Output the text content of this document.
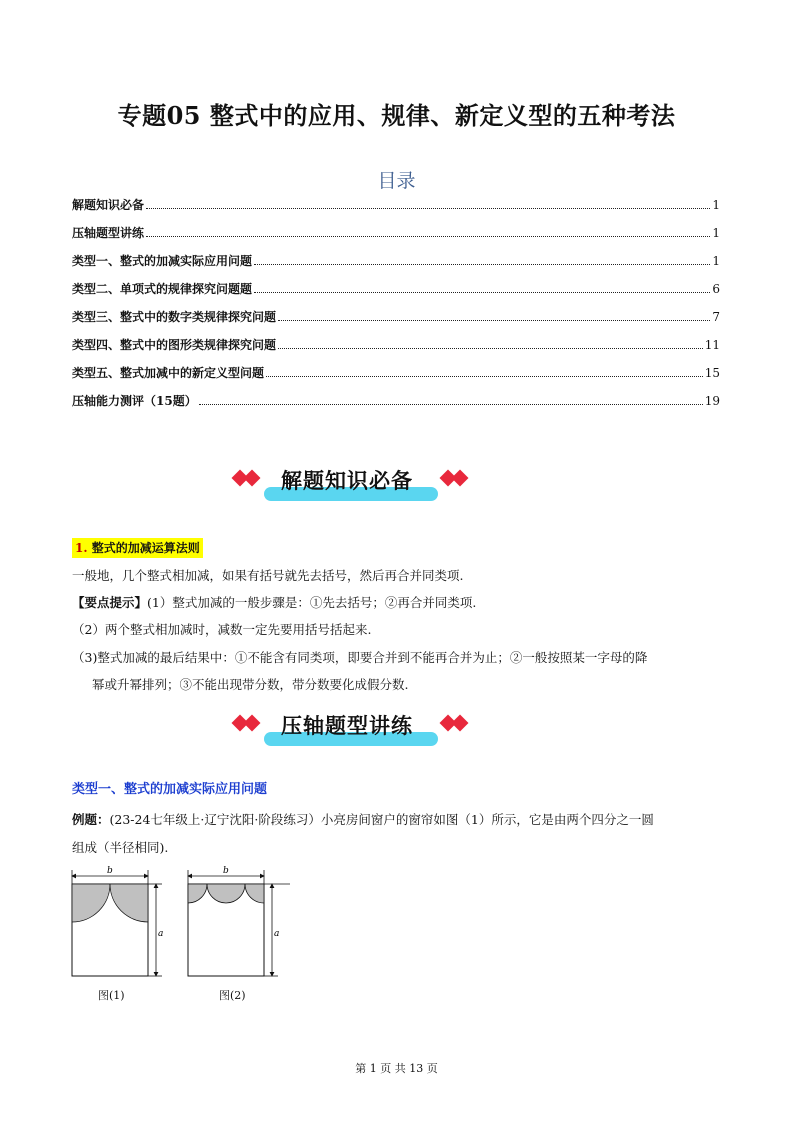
专题05 整式中的应用、规律、新定义型的五种考法
目录
解题知识必备	1
压轴题型讲练	1
类型一、整式的加减实际应用问题	1
类型二、单项式的规律探究问题题	6
类型三、整式中的数字类规律探究问题	7
类型四、整式中的图形类规律探究问题	11
类型五、整式加减中的新定义型问题	15
压轴能力测评（15题）	19
解题知识必备
1. 整式的加减运算法则
一般地，几个整式相加减，如果有括号就先去括号，然后再合并同类项.
【要点提示】(1）整式加减的一般步骤是：①先去括号；②再合并同类项.
（2）两个整式相加减时，减数一定先要用括号括起来.
（3)整式加减的最后结果中：①不能含有同类项，即要合并到不能再合并为止；②一般按照某一字母的降
幂或升幂排列；③不能出现带分数，带分数要化成假分数.
压轴题型讲练
类型一、整式的加减实际应用问题
例题：(23-24七年级上·辽宁沈阳·阶段练习）小亮房间窗户的窗帘如图（1）所示，它是由两个四分之一圆
组成（半径相同).
b
a
b
a
图(1)	图(2)
第 1 页 共 13 页
